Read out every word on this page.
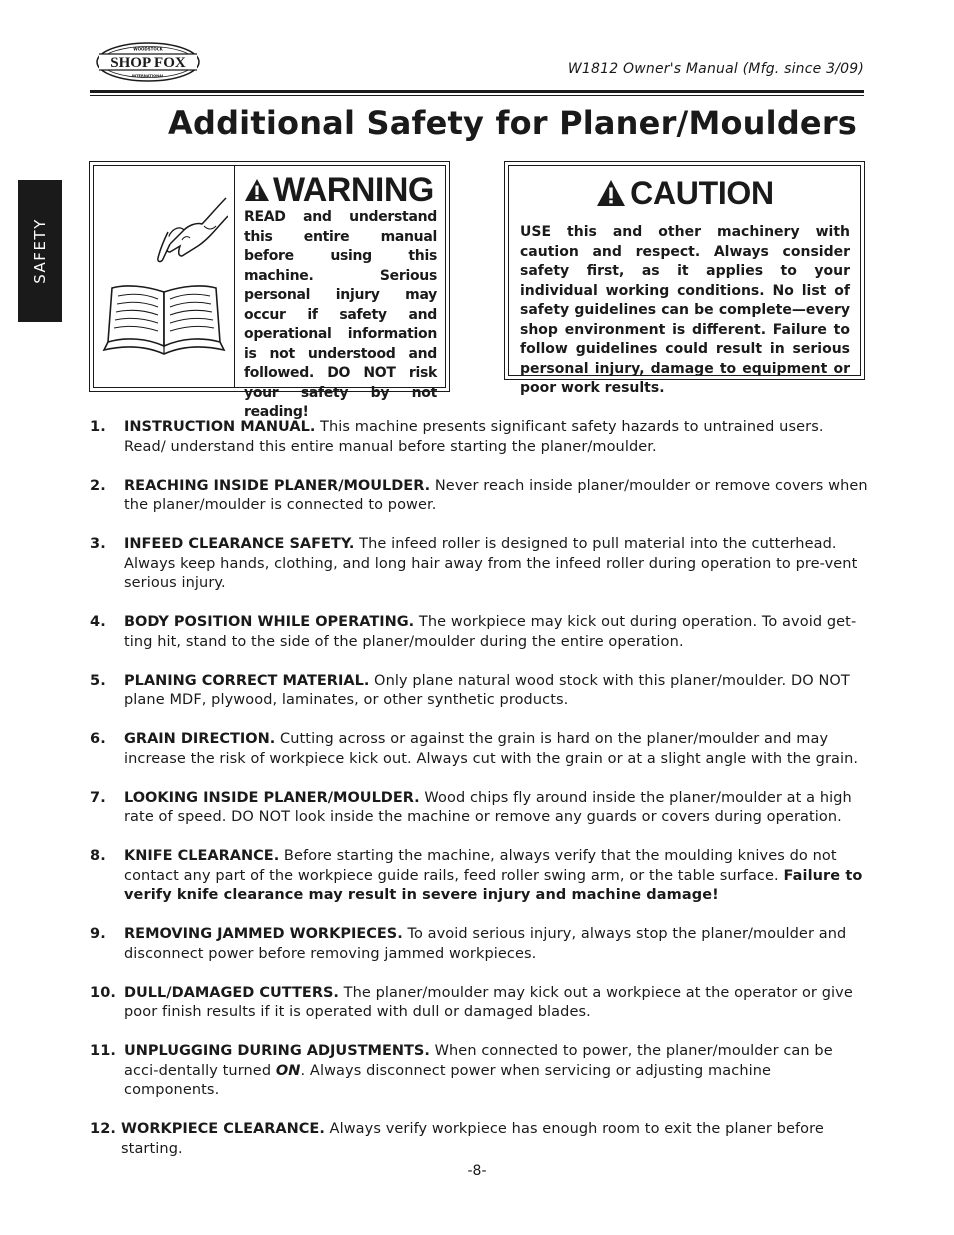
WOODSTOCK
SHOP FOX
INTERNATIONAL	W1812 Owner's Manual (Mfg. since 3/09)
Additional Safety for Planer/Moulders
SAFETY
WARNING
READ and understand this entire manual before using this machine. Serious personal injury may occur if safety and operational information is not understood and followed. DO NOT risk your safety by not reading!
CAUTION
USE this and other machinery with caution and respect. Always consider safety first, as it applies to your individual working conditions. No list of safety guidelines can be complete—every shop environment is different. Failure to follow guidelines could result in serious personal injury, damage to equipment or poor work results.
1. INSTRUCTION MANUAL. This machine presents significant safety hazards to untrained users. Read/ understand this entire manual before starting the planer/moulder.
2. REACHING INSIDE PLANER/MOULDER. Never reach inside planer/moulder or remove covers when the planer/moulder is connected to power.
3. INFEED CLEARANCE SAFETY. The infeed roller is designed to pull material into the cutterhead. Always keep hands, clothing, and long hair away from the infeed roller during operation to pre-vent serious injury.
4. BODY POSITION WHILE OPERATING. The workpiece may kick out during operation. To avoid get-ting hit, stand to the side of the planer/moulder during the entire operation.
5. PLANING CORRECT MATERIAL. Only plane natural wood stock with this planer/moulder. DO NOT plane MDF, plywood, laminates, or other synthetic products.
6. GRAIN DIRECTION. Cutting across or against the grain is hard on the planer/moulder and may increase the risk of workpiece kick out. Always cut with the grain or at a slight angle with the grain.
7. LOOKING INSIDE PLANER/MOULDER. Wood chips fly around inside the planer/moulder at a high rate of speed. DO NOT look inside the machine or remove any guards or covers during operation.
8. KNIFE CLEARANCE. Before starting the machine, always verify that the moulding knives do not contact any part of the workpiece guide rails, feed roller swing arm, or the table surface. Failure to verify knife clearance may result in severe injury and machine damage!
9. REMOVING JAMMED WORKPIECES. To avoid serious injury, always stop the planer/moulder and disconnect power before removing jammed workpieces.
10. DULL/DAMAGED CUTTERS. The planer/moulder may kick out a workpiece at the operator or give poor finish results if it is operated with dull or damaged blades.
11. UNPLUGGING DURING ADJUSTMENTS. When connected to power, the planer/moulder can be acci-dentally turned ON. Always disconnect power when servicing or adjusting machine components.
12. WORKPIECE CLEARANCE. Always verify workpiece has enough room to exit the planer before starting.
-8-
